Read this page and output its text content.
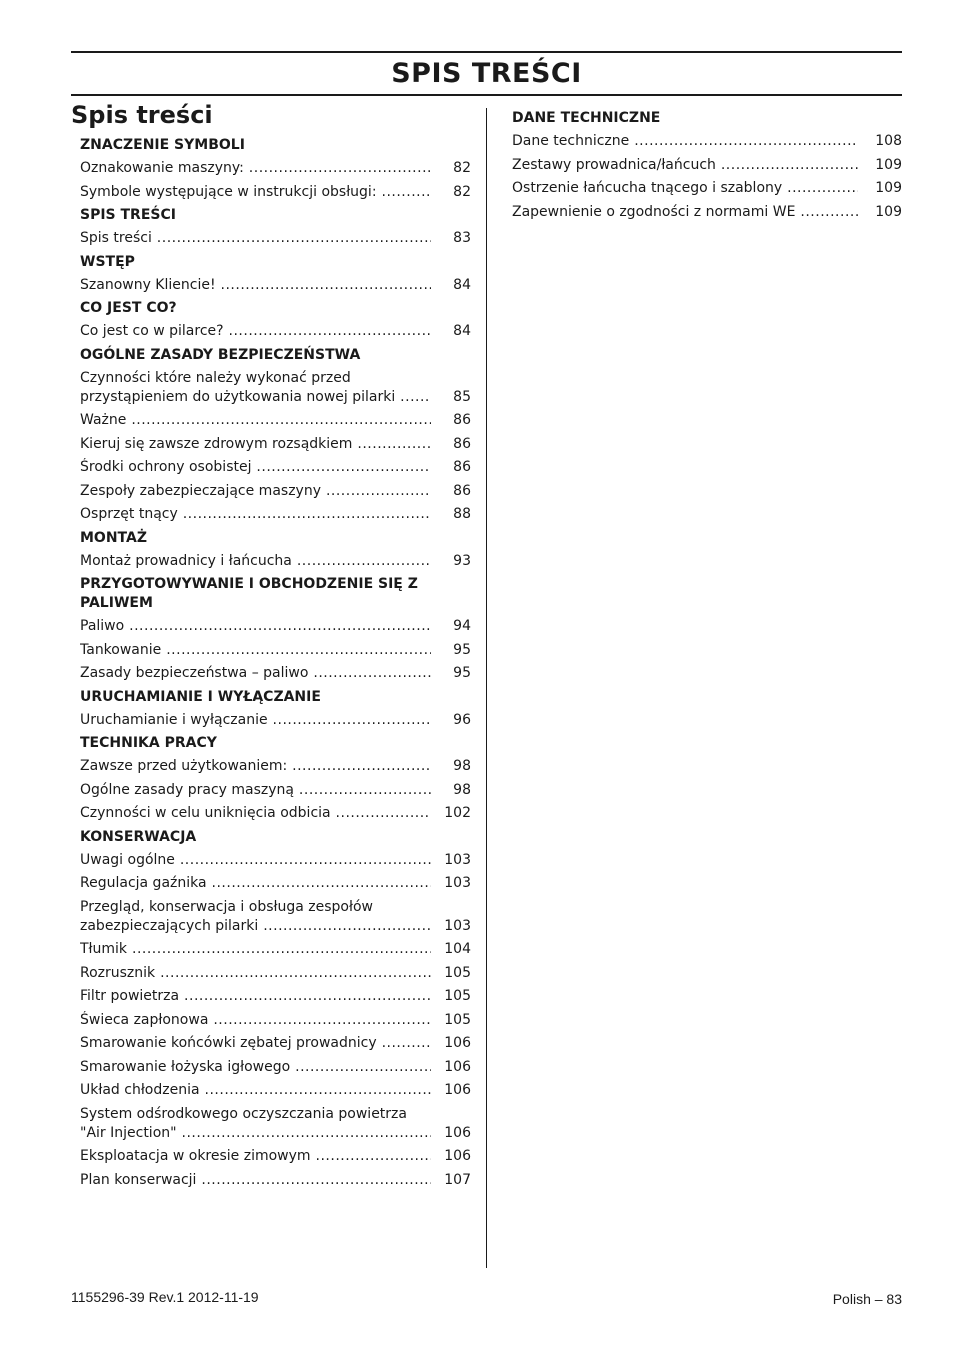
SPIS TREŚCI
Spis treści
ZNACZENIE SYMBOLI
Oznakowanie maszyny: .....	82
Symbole występujące w instrukcji obsługi: .....	82
SPIS TREŚCI
Spis treści .....	83
WSTĘP
Szanowny Kliencie! .....	84
CO JEST CO?
Co jest co w pilarce? .....	84
OGÓLNE ZASADY BEZPIECZEŃSTWA
Czynności które należy wykonać przed
przystąpieniem do użytkowania nowej pilarki .....	85
Ważne .....	86
Kieruj się zawsze zdrowym rozsądkiem .....	86
Środki ochrony osobistej .....	86
Zespoły zabezpieczające maszyny .....	86
Osprzęt tnący .....	88
MONTAŻ
Montaż prowadnicy i łańcucha .....	93
PRZYGOTOWYWANIE I OBCHODZENIE SIĘ Z PALIWEM
Paliwo .....	94
Tankowanie .....	95
Zasady bezpieczeństwa – paliwo .....	95
URUCHAMIANIE I WYŁĄCZANIE
Uruchamianie i wyłączanie .....	96
TECHNIKA PRACY
Zawsze przed użytkowaniem: .....	98
Ogólne zasady pracy maszyną .....	98
Czynności w celu uniknięcia odbicia .....	102
KONSERWACJA
Uwagi ogólne .....	103
Regulacja gaźnika .....	103
Przegląd, konserwacja i obsługa zespołów
zabezpieczających pilarki .....	103
Tłumik .....	104
Rozrusznik .....	105
Filtr powietrza .....	105
Świeca zapłonowa .....	105
Smarowanie końcówki zębatej prowadnicy .....	106
Smarowanie łożyska igłowego .....	106
Układ chłodzenia .....	106
System odśrodkowego oczyszczania powietrza
"Air Injection" .....	106
Eksploatacja w okresie zimowym .....	106
Plan konserwacji .....	107
DANE TECHNICZNE
Dane techniczne .....	108
Zestawy prowadnica/łańcuch .....	109
Ostrzenie łańcucha tnącego i szablony .....	109
Zapewnienie o zgodności z normami WE .....	109
1155296-39 Rev.1 2012-11-19	Polish – 83
